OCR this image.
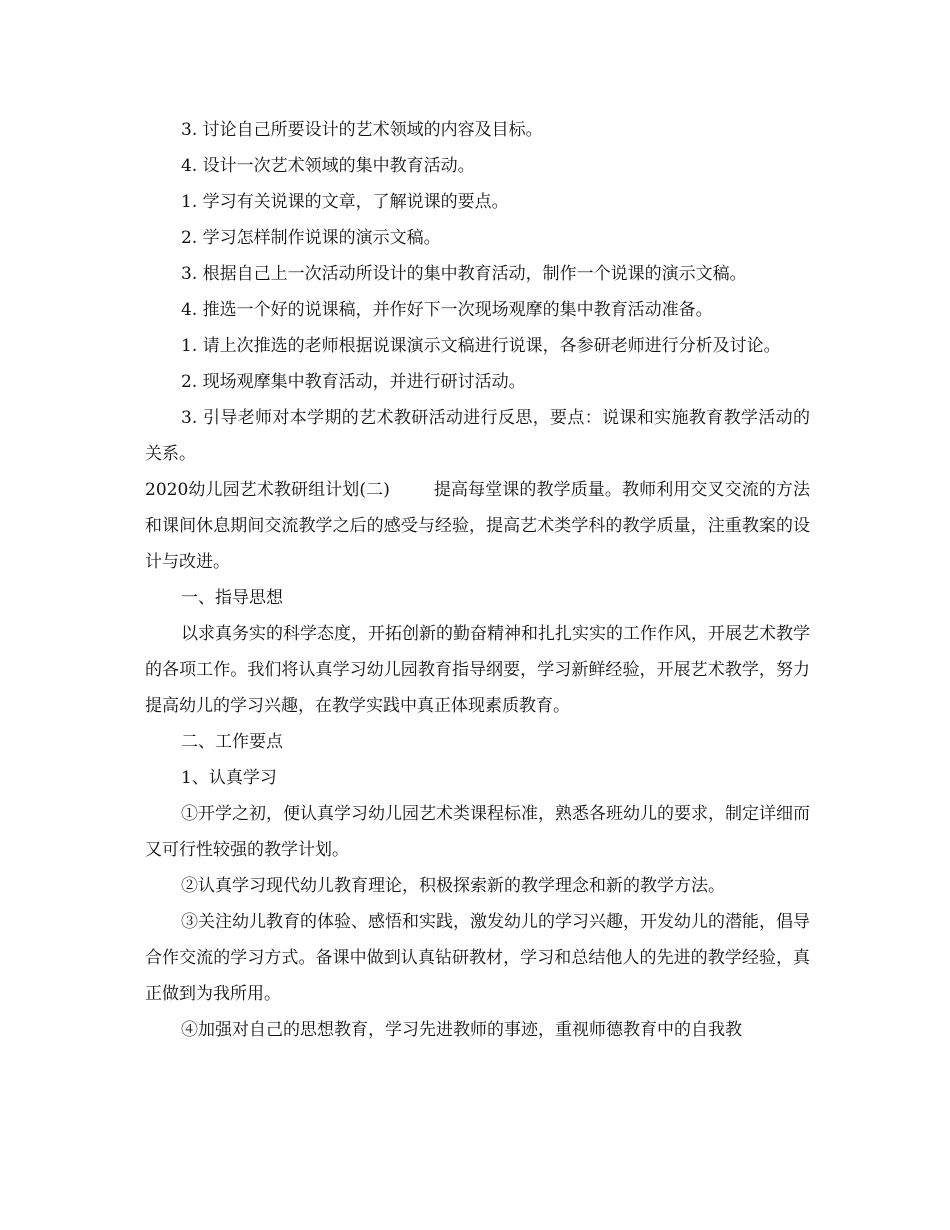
3. 讨论自己所要设计的艺术领域的内容及目标。

4. 设计一次艺术领域的集中教育活动。

1. 学习有关说课的文章，了解说课的要点。

2. 学习怎样制作说课的演示文稿。

3. 根据自己上一次活动所设计的集中教育活动，制作一个说课的演示文稿。

4. 推选一个好的说课稿，并作好下一次现场观摩的集中教育活动准备。

1. 请上次推选的老师根据说课演示文稿进行说课，各参研老师进行分析及讨论。

2. 现场观摩集中教育活动，并进行研讨活动。

3. 引导老师对本学期的艺术教研活动进行反思，要点：说课和实施教育教学活动的关系。

2020幼儿园艺术教研组计划(二)	提高每堂课的教学质量。教师利用交叉交流的方法和课间休息期间交流教学之后的感受与经验，提高艺术类学科的教学质量，注重教案的设计与改进。

一、指导思想

以求真务实的科学态度，开拓创新的勤奋精神和扎扎实实的工作作风，开展艺术教学的各项工作。我们将认真学习幼儿园教育指导纲要，学习新鲜经验，开展艺术教学，努力提高幼儿的学习兴趣，在教学实践中真正体现素质教育。

二、工作要点

1、认真学习

①开学之初，便认真学习幼儿园艺术类课程标准，熟悉各班幼儿的要求，制定详细而又可行性较强的教学计划。

②认真学习现代幼儿教育理论，积极探索新的教学理念和新的教学方法。

③关注幼儿教育的体验、感悟和实践，激发幼儿的学习兴趣，开发幼儿的潜能，倡导合作交流的学习方式。备课中做到认真钻研教材，学习和总结他人的先进的教学经验，真正做到为我所用。

④加强对自己的思想教育，学习先进教师的事迹，重视师德教育中的自我教
